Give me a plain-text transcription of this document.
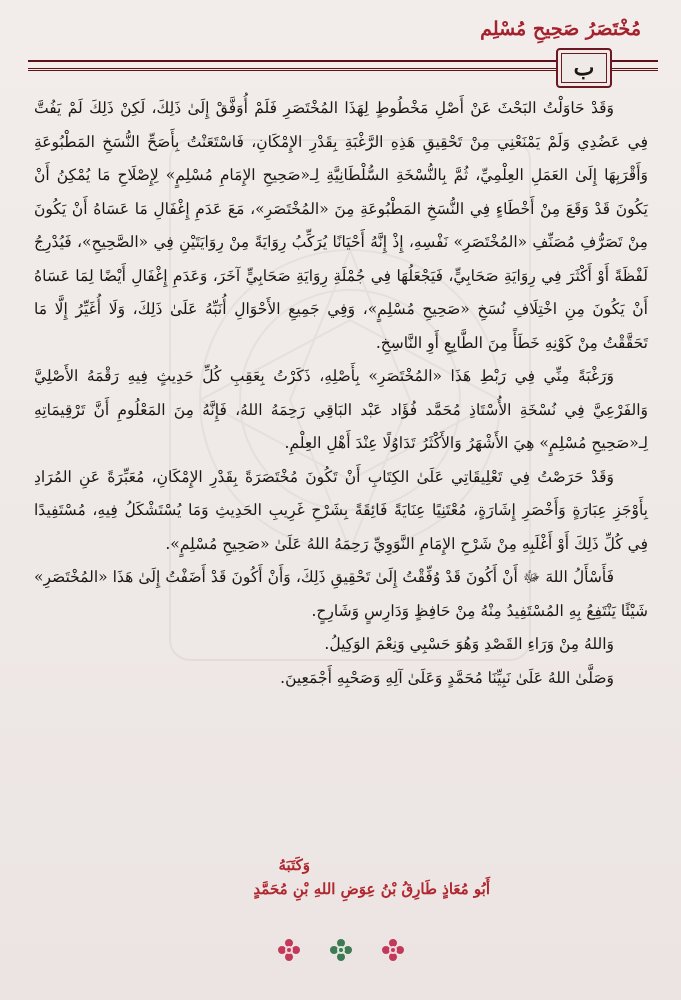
مُخْتَصَرُ صَحِيحِ مُسْلِم
ب

وَقَدْ حَاوَلْتُ البَحْثَ عَنْ أَصْلِ مَخْطُوطٍ لِهَذَا المُخْتَصَرِ فَلَمْ أُوَفَّقْ إِلَىٰ ذَلِكَ، لَكِنْ ذَلِكَ لَمْ يَفُتَّ فِي عَضُدِي وَلَمْ يَمْنَعْنِي مِنْ تَحْقِيقِ هَذِهِ الرَّغْبَةِ بِقَدْرِ الإِمْكَانِ، فَاسْتَعَنْتُ بِأَصَحِّ النُّسَخِ المَطْبُوعَةِ وَأَقْرَبِهَا إِلَىٰ العَمَلِ العِلْمِيِّ، ثُمَّ بِالنُّسْخَةِ السُّلْطَانِيَّةِ لِـ«صَحِيحِ الإِمَامِ مُسْلِمٍ» لِإِصْلَاحِ مَا يُمْكِنُ أَنْ يَكُونَ قَدْ وَقَعَ مِنْ أَخْطَاءٍ فِي النُّسَخِ المَطْبُوعَةِ مِنَ «المُخْتَصَرِ»، مَعَ عَدَمِ إِغْفَالِ مَا عَسَاهُ أَنْ يَكُونَ مِنْ تَصَرُّفِ مُصَنِّفِ «المُخْتَصَرِ» نَفْسِهِ، إِذْ إِنَّهُ أَحْيَانًا يُرَكِّبُ رِوَايَةً مِنْ رِوَايَتَيْنِ فِي «الصَّحِيحِ»، فَيُدْرِجُ لَفْظَةً أَوْ أَكْثَرَ فِي رِوَايَةِ صَحَابِيٍّ، فَيَجْعَلُهَا فِي جُمْلَةِ رِوَايَةِ صَحَابِيٍّ آخَرَ، وَعَدَمِ إِغْفَالِ أَيْضًا لِمَا عَسَاهُ أَنْ يَكُونَ مِنِ اخْتِلَافِ نُسَخِ «صَحِيحِ مُسْلِمٍ»، وَفِي جَمِيعِ الأَحْوَالِ أُنَبِّهُ عَلَىٰ ذَلِكَ، وَلَا أُغَيِّرُ إِلَّا مَا تَحَقَّقْتُ مِنْ كَوْنِهِ خَطَأً مِنَ الطَّابِعِ أَوِ النَّاسِخِ.

وَرَغْبَةً مِنِّي فِي رَبْطِ هَذَا «المُخْتَصَرِ» بِأَصْلِهِ، ذَكَرْتُ بِعَقِبِ كُلِّ حَدِيثٍ فِيهِ رَقْمَهُ الأَصْلِيَّ وَالفَرْعِيَّ فِي نُسْخَةِ الأُسْتَاذِ مُحَمَّد فُؤَاد عَبْد البَاقِي رَحِمَهُ اللهُ، فَإِنَّهُ مِنَ المَعْلُومِ أَنَّ تَرْقِيمَاتِهِ لِـ«صَحِيحِ مُسْلِمٍ» هِيَ الأَشْهَرُ وَالأَكْثَرُ تَدَاوُلًا عِنْدَ أَهْلِ العِلْمِ.

وَقَدْ حَرَصْتُ فِي تَعْلِيقَاتِي عَلَىٰ الكِتَابِ أَنْ تَكُونَ مُخْتَصَرَةً بِقَدْرِ الإِمْكَانِ، مُعَبِّرَةً عَنِ المُرَادِ بِأَوْجَزِ عِبَارَةٍ وَأَخْصَرِ إِشَارَةٍ، مُعْتَنِيًا عِنَايَةً فَائِقَةً بِشَرْحِ غَرِيبِ الحَدِيثِ وَمَا يُسْتَشْكَلُ فِيهِ، مُسْتَفِيدًا فِي كُلِّ ذَلِكَ أَوْ أَغْلَبِهِ مِنْ شَرْحِ الإِمَامِ النَّوَوِيِّ رَحِمَهُ اللهُ عَلَىٰ «صَحِيحِ مُسْلِمٍ».

فَأَسْأَلُ اللهَ ﷻ أَنْ أَكُونَ قَدْ وُفِّقْتُ إِلَىٰ تَحْقِيقِ ذَلِكَ، وَأَنْ أَكُونَ قَدْ أَضَفْتُ إِلَىٰ هَذَا «المُخْتَصَرِ» شَيْئًا يَنْتَفِعُ بِهِ المُسْتَفِيدُ مِنْهُ مِنْ حَافِظٍ وَدَارِسٍ وَشَارِحٍ.

وَاللهُ مِنْ وَرَاءِ القَصْدِ وَهُوَ حَسْبِي وَنِعْمَ الوَكِيلُ.

وَصَلَّىٰ اللهُ عَلَىٰ نَبِيِّنَا مُحَمَّدٍ وَعَلَىٰ آلِهِ وَصَحْبِهِ أَجْمَعِينَ.

وَكَتَبَهُ
أَبُو مُعَاذٍ طَارِقُ بْنُ عِوَضِ اللهِ بْنِ مُحَمَّدٍ
